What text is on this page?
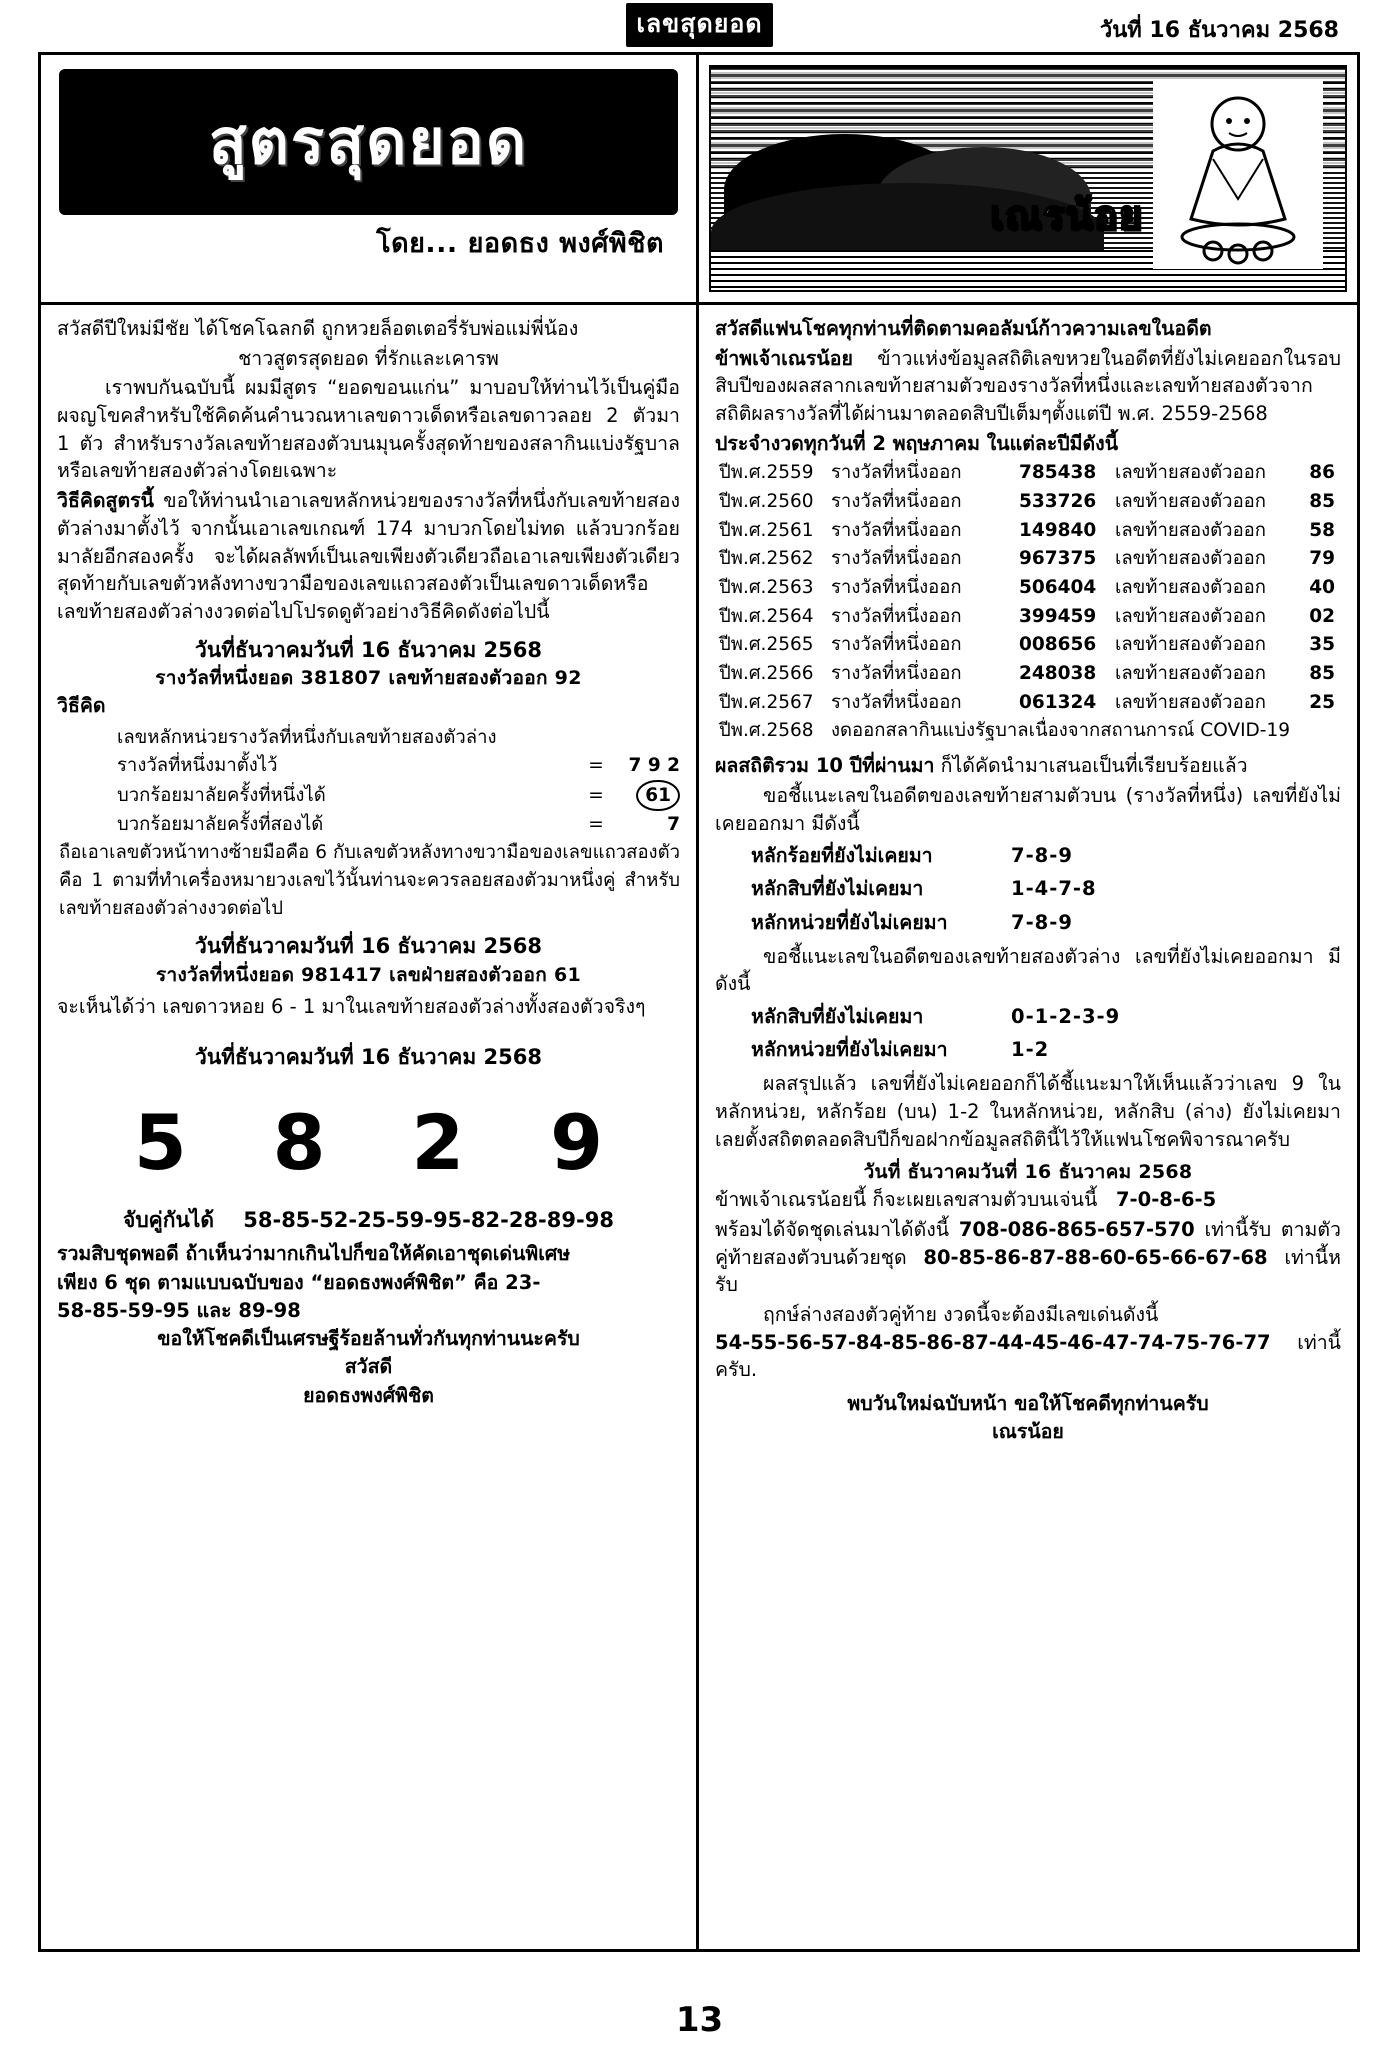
เลขสุดยอด	วันที่ 16 ธันวาคม 2568
สูตรสุดยอด
โดย... ยอดธง พงศ์พิชิต

สวัสดีปีใหม่มีชัย ได้โชคโฉลกดี ถูกหวยล็อตเตอรี่รับพ่อแม่พี่น้อง

ชาวสูตรสุดยอด ที่รักและเคารพ

เราพบกันฉบับนี้ ผมมีสูตร “ยอดขอนแก่น” มาบอบให้ท่านไว้เป็นคู่มือผจญโขคสำหรับใช้คิดค้นคำนวณหาเลขดาวเด็ดหรือเลขดาวลอย 2 ตัวมา 1 ตัว สำหรับรางวัลเลขท้ายสองตัวบนมุนครั้งสุดท้ายของสลากินแบ่งรัฐบาลหรือเลขท้ายสองตัวล่างโดยเฉพาะ

วิธีคิดสูตรนี้ ขอให้ท่านนำเอาเลขหลักหน่วยของรางวัลที่หนึ่งกับเลขท้ายสองตัวล่างมาตั้งไว้ จากนั้นเอาเลขเกณฑ์ 174 มาบวกโดยไม่ทด แล้วบวกร้อยมาลัยอีกสองครั้ง จะได้ผลลัพท์เป็นเลขเพียงตัวเดียวถือเอาเลขเพียงตัวเดียวสุดท้ายกับเลขตัวหลังทางขวามือของเลขแถวสองตัวเป็นเลขดาวเด็ดหรือเลขท้ายสองตัวล่างงวดต่อไปโปรดดูตัวอย่างวิธีคิดดังต่อไปนี้

วันที่ธันวาคมวันที่ 16 ธันวาคม 2568
รางวัลที่หนึ่งยอด 381807 เลขท้ายสองตัวออก 92
วิธีคิด
เลขหลักหน่วยรางวัลที่หนึ่งกับเลขท้ายสองตัวล่าง
รางวัลที่หนึ่งมาตั้งไว้	=	7 9 2
บวกร้อยมาลัยครั้งที่หนึ่งได้	=	61
บวกร้อยมาลัยครั้งที่สองได้	=	7
ถือเอาเลขตัวหน้าทางซ้ายมือคือ 6 กับเลขตัวหลังทางขวามือของเลขแถวสองตัวคือ 1 ตามที่ทำเครื่องหมายวงเลขไว้นั้นท่านจะควรลอยสองตัวมาหนึ่งคู่ สำหรับเลขท้ายสองตัวล่างงวดต่อไป
วันที่ธันวาคมวันที่ 16 ธันวาคม 2568
รางวัลที่หนึ่งยอด 981417 เลขฝ่ายสองตัวออก 61

จะเห็นได้ว่า เลขดาวหอย 6 - 1 มาในเลขท้ายสองตัวล่างทั้งสองตัวจริงๆ

วันที่ธันวาคมวันที่ 16 ธันวาคม 2568
5 8 2 9
จับคู่กันได้ 58-85-52-25-59-95-82-28-89-98
รวมสิบชุดพอดี ถ้าเห็นว่ามากเกินไปก็ขอให้คัดเอาชุดเด่นพิเศษ
เพียง 6 ชุด ตามแบบฉบับของ “ยอดธงพงศ์พิชิต” คือ 23-
58-85-59-95 และ 89-98
ขอให้โชคดีเป็นเศรษฐีร้อยล้านทั่วกันทุกท่านนะครับ
สวัสดี
ยอดธงพงศ์พิชิต
เณรน้อย

สวัสดีแฟนโชคทุกท่านที่ติดตามคอลัมน์ก้าวความเลขในอดีต

ข้าพเจ้าเณรน้อย ข้าวแห่งข้อมูลสถิติเลขหวยในอดีตที่ยังไม่เคยออกในรอบสิบปีของผลสลากเลขท้ายสามตัวของรางวัลที่หนึ่งและเลขท้ายสองตัวจากสถิติผลรางวัลที่ได้ผ่านมาตลอดสิบปีเต็มๆตั้งแต่ปี พ.ศ. 2559-2568

ประจำงวดทุกวันที่ 2 พฤษภาคม ในแต่ละปีมีดังนี้

ปีพ.ศ.2559 รางวัลที่หนึ่งออก	785438	เลขท้ายสองตัวออก	86
ปีพ.ศ.2560 รางวัลที่หนึ่งออก	533726	เลขท้ายสองตัวออก	85
ปีพ.ศ.2561 รางวัลที่หนึ่งออก	149840	เลขท้ายสองตัวออก	58
ปีพ.ศ.2562 รางวัลที่หนึ่งออก	967375	เลขท้ายสองตัวออก	79
ปีพ.ศ.2563 รางวัลที่หนึ่งออก	506404	เลขท้ายสองตัวออก	40
ปีพ.ศ.2564 รางวัลที่หนึ่งออก	399459	เลขท้ายสองตัวออก	02
ปีพ.ศ.2565 รางวัลที่หนึ่งออก	008656	เลขท้ายสองตัวออก	35
ปีพ.ศ.2566 รางวัลที่หนึ่งออก	248038	เลขท้ายสองตัวออก	85
ปีพ.ศ.2567 รางวัลที่หนึ่งออก	061324	เลขท้ายสองตัวออก	25
ปีพ.ศ.2568 งดออกสลากินแบ่งรัฐบาลเนื่องจากสถานการณ์ COVID-19

ผลสถิติรวม 10 ปีที่ผ่านมา ก็ได้คัดนำมาเสนอเป็นที่เรียบร้อยแล้ว

ขอชี้แนะเลขในอดีตของเลขท้ายสามตัวบน (รางวัลที่หนึ่ง) เลขที่ยังไม่เคยออกมา มีดังนี้

หลักร้อยที่ยังไม่เคยมา	7-8-9
หลักสิบที่ยังไม่เคยมา	1-4-7-8
หลักหน่วยที่ยังไม่เคยมา	7-8-9

ขอชี้แนะเลขในอดีตของเลขท้ายสองตัวล่าง เลขที่ยังไม่เคยออกมา มีดังนี้

หลักสิบที่ยังไม่เคยมา	0-1-2-3-9
หลักหน่วยที่ยังไม่เคยมา	1-2

ผลสรุปแล้ว เลขที่ยังไม่เคยออกก็ได้ชี้แนะมาให้เห็นแล้วว่าเลข 9 ในหลักหน่วย, หลักร้อย (บน) 1-2 ในหลักหน่วย, หลักสิบ (ล่าง) ยังไม่เคยมาเลยตั้งสถิตตลอดสิบปีก็ขอฝากข้อมูลสถิตินี้ไว้ให้แฟนโชคพิจารณาครับ

วันที่ ธันวาคมวันที่ 16 ธันวาคม 2568

ข้าพเจ้าเณรน้อยนี้ ก็จะเผยเลขสามตัวบนเจ่นนี้ 7-0-8-6-5

พร้อมได้จัดชุดเล่นมาได้ดังนี้ 708-086-865-657-570 เท่านี้รับ ตามตัวคู่ท้ายสองตัวบนด้วยชุด 80-85-86-87-88-60-65-66-67-68 เท่านี้หรับ

ฤกษ์ล่างสองตัวคู่ท้าย งวดนี้จะต้องมีเลขเด่นดังนี้
54-55-56-57-84-85-86-87-44-45-46-47-74-75-76-77 เท่านี้ครับ.

พบวันใหม่ฉบับหน้า ขอให้โชคดีทุกท่านครับ
เณรน้อย
13
